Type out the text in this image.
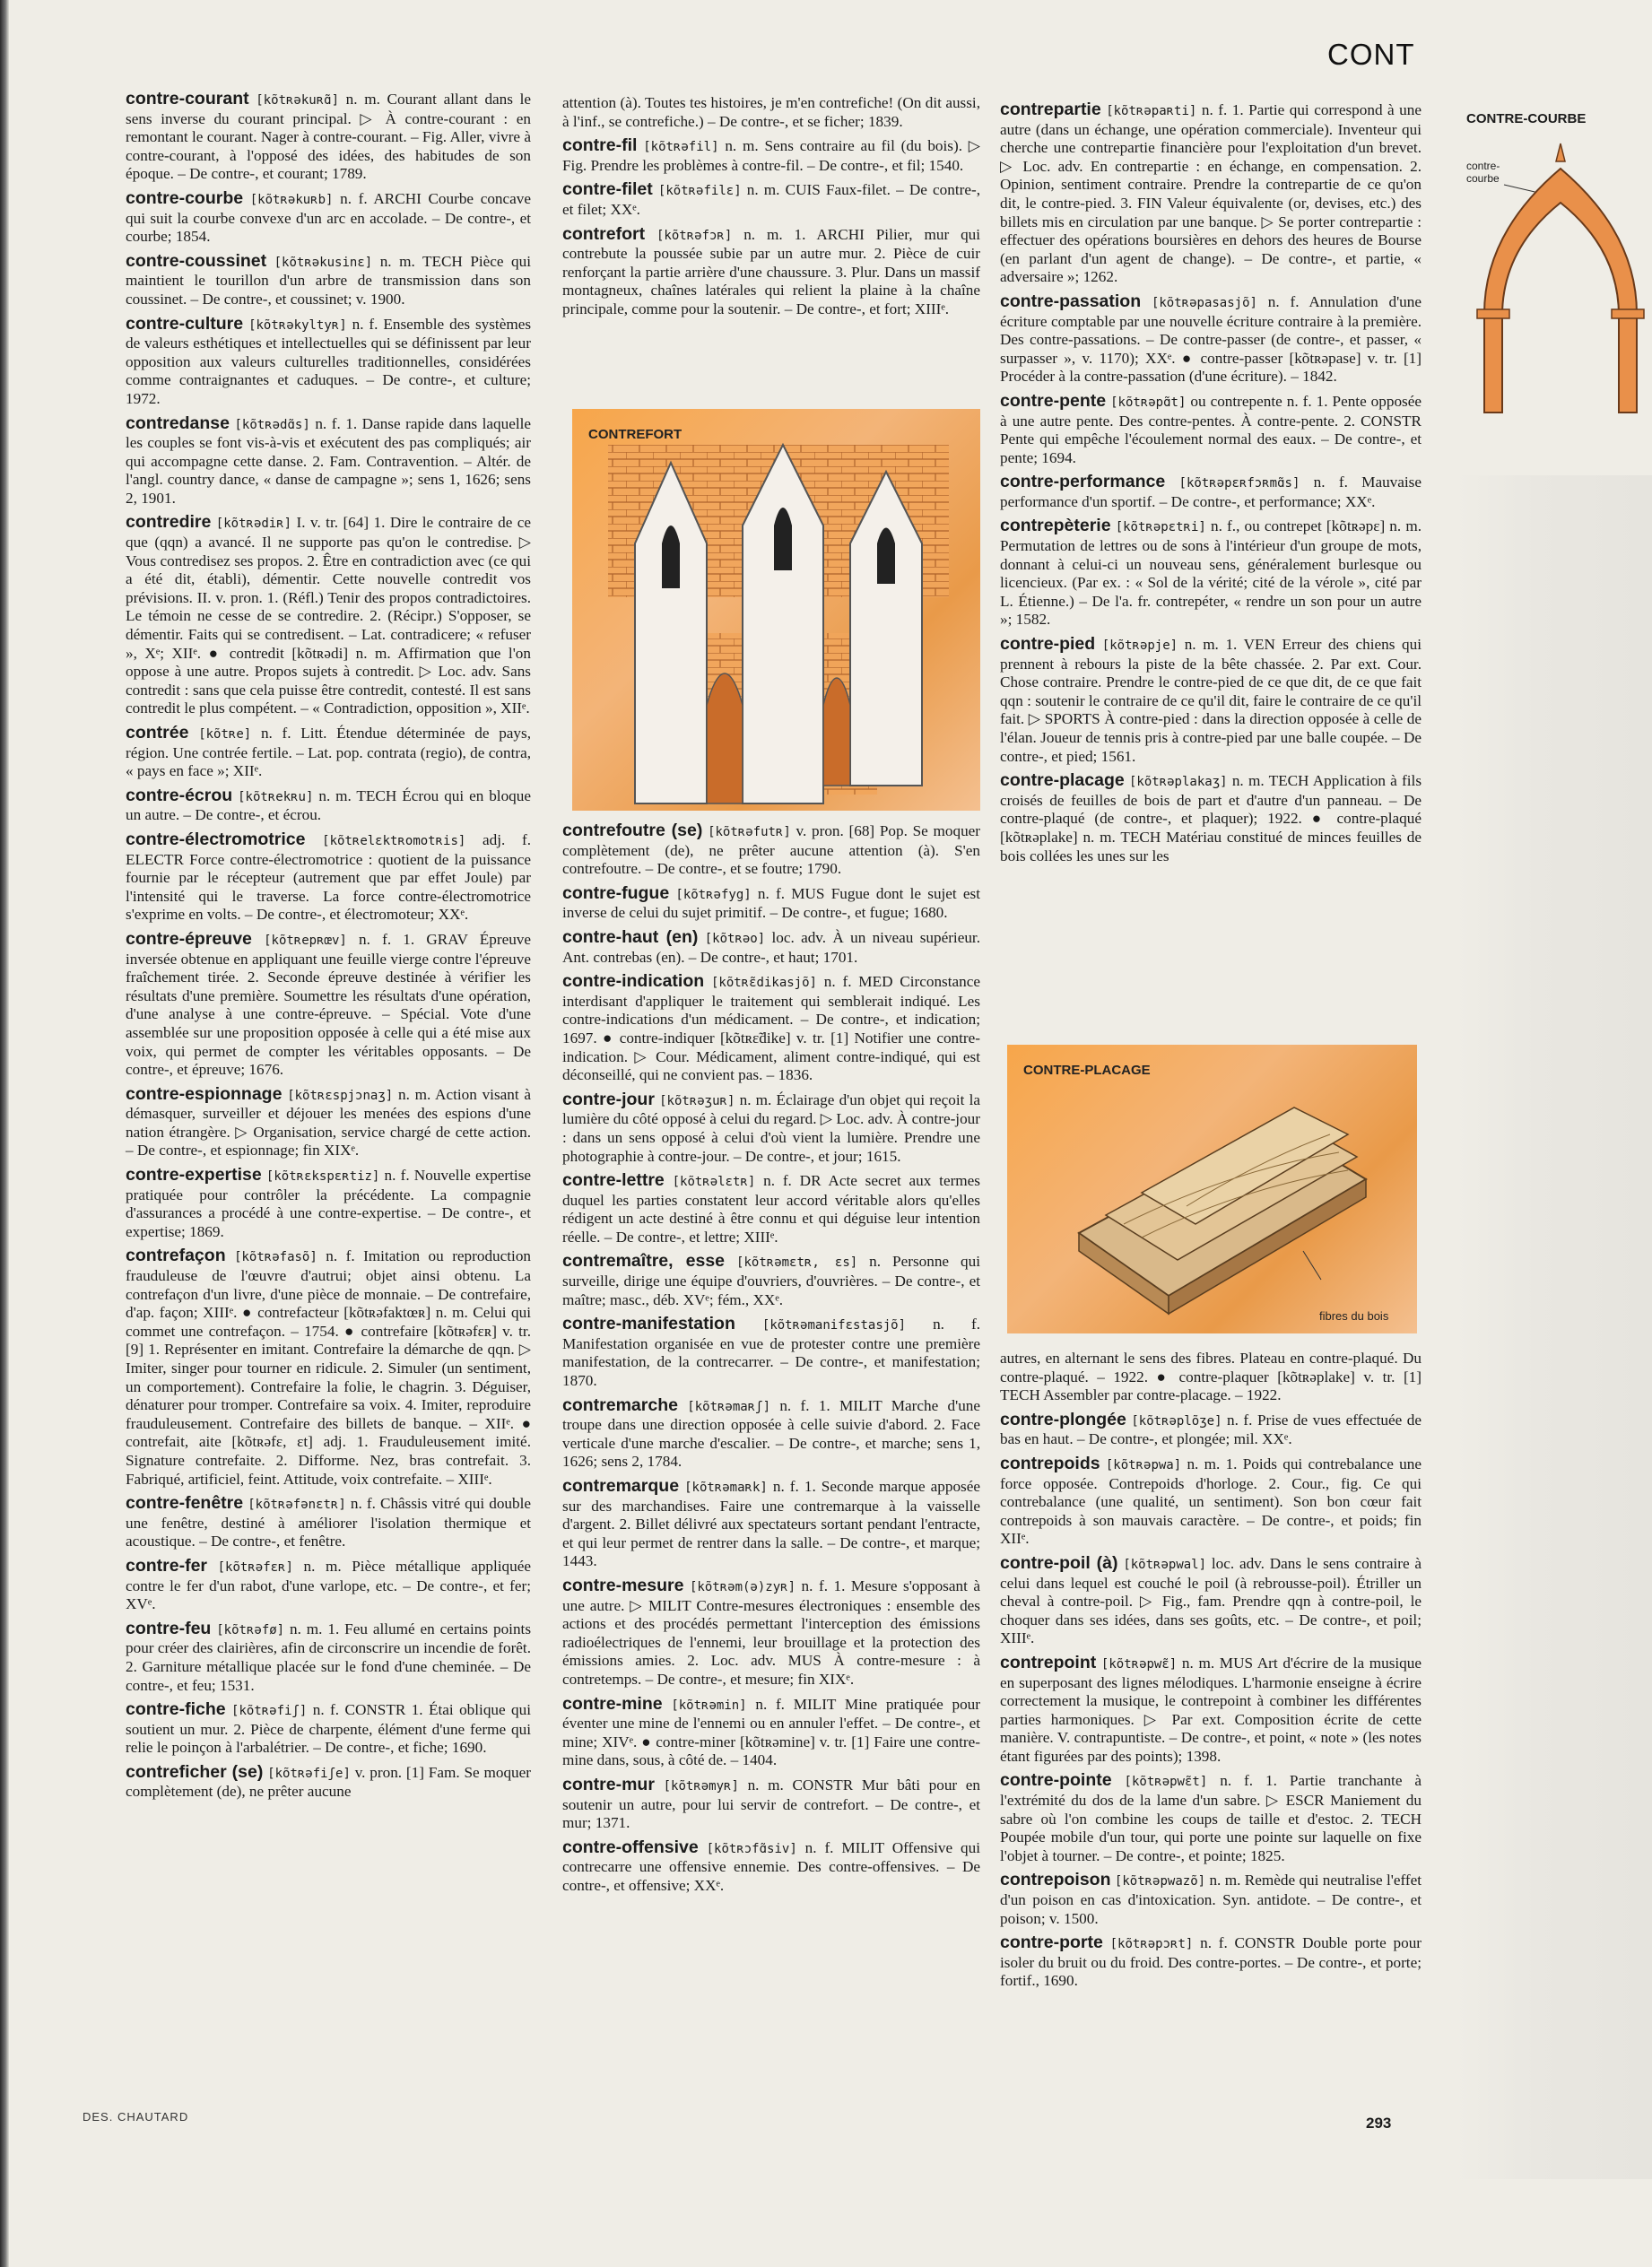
CONT
CONTRE-COURBE
contre-
courbe

contre-courant [kõtʀəkuʀɑ̃] n. m. Courant allant dans le sens inverse du courant principal. ▷ À contre-courant : en remontant le courant. Nager à contre-courant. – Fig. Aller, vivre à contre-courant, à l'opposé des idées, des habitudes de son époque. – De contre-, et courant; 1789.

contre-courbe [kõtʀəkuʀb] n. f. ARCHI Courbe concave qui suit la courbe convexe d'un arc en accolade. – De contre-, et courbe; 1854.

contre-coussinet [kõtʀəkusinɛ] n. m. TECH Pièce qui maintient le tourillon d'un arbre de transmission dans son coussinet. – De contre-, et coussinet; v. 1900.

contre-culture [kõtʀəkyltyʀ] n. f. Ensemble des systèmes de valeurs esthétiques et intellectuelles qui se définissent par leur opposition aux valeurs culturelles traditionnelles, considérées comme contraignantes et caduques. – De contre-, et culture; 1972.

contredanse [kõtʀədɑ̃s] n. f. 1. Danse rapide dans laquelle les couples se font vis-à-vis et exécutent des pas compliqués; air qui accompagne cette danse. 2. Fam. Contravention. – Altér. de l'angl. country dance, « danse de campagne »; sens 1, 1626; sens 2, 1901.

contredire [kõtʀədiʀ] I. v. tr. [64] 1. Dire le contraire de ce que (qqn) a avancé. Il ne supporte pas qu'on le contredise. ▷ Vous contredisez ses propos. 2. Être en contradiction avec (ce qui a été dit, établi), démentir. Cette nouvelle contredit vos prévisions. II. v. pron. 1. (Réfl.) Tenir des propos contradictoires. Le témoin ne cesse de se contredire. 2. (Récipr.) S'opposer, se démentir. Faits qui se contredisent. – Lat. contradicere; « refuser », Xᵉ; XIIᵉ. ● contredit [kõtʀədi] n. m. Affirmation que l'on oppose à une autre. Propos sujets à contredit. ▷ Loc. adv. Sans contredit : sans que cela puisse être contredit, contesté. Il est sans contredit le plus compétent. – « Contradiction, opposition », XIIᵉ.

contrée [kõtʀe] n. f. Litt. Étendue déterminée de pays, région. Une contrée fertile. – Lat. pop. contrata (regio), de contra, « pays en face »; XIIᵉ.

contre-écrou [kõtʀekʀu] n. m. TECH Écrou qui en bloque un autre. – De contre-, et écrou.

contre-électromotrice [kõtʀelɛktʀomotʀis] adj. f. ELECTR Force contre-électromotrice : quotient de la puissance fournie par le récepteur (autrement que par effet Joule) par l'intensité qui le traverse. La force contre-électromotrice s'exprime en volts. – De contre-, et électromoteur; XXᵉ.

contre-épreuve [kõtʀepʀœv] n. f. 1. GRAV Épreuve inversée obtenue en appliquant une feuille vierge contre l'épreuve fraîchement tirée. 2. Seconde épreuve destinée à vérifier les résultats d'une première. Soumettre les résultats d'une opération, d'une analyse à une contre-épreuve. – Spécial. Vote d'une assemblée sur une proposition opposée à celle qui a été mise aux voix, qui permet de compter les véritables opposants. – De contre-, et épreuve; 1676.

contre-espionnage [kõtʀɛspjɔnaʒ] n. m. Action visant à démasquer, surveiller et déjouer les menées des espions d'une nation étrangère. ▷ Organisation, service chargé de cette action. – De contre-, et espionnage; fin XIXᵉ.

contre-expertise [kõtʀɛkspɛʀtiz] n. f. Nouvelle expertise pratiquée pour contrôler la précédente. La compagnie d'assurances a procédé à une contre-expertise. – De contre-, et expertise; 1869.

contrefaçon [kõtʀəfasõ] n. f. Imitation ou reproduction frauduleuse de l'œuvre d'autrui; objet ainsi obtenu. La contrefaçon d'un livre, d'une pièce de monnaie. – De contrefaire, d'ap. façon; XIIIᵉ. ● contrefacteur [kõtʀəfaktœʀ] n. m. Celui qui commet une contrefaçon. – 1754. ● contrefaire [kõtʀəfɛʀ] v. tr. [9] 1. Représenter en imitant. Contrefaire la démarche de qqn. ▷ Imiter, singer pour tourner en ridicule. 2. Simuler (un sentiment, un comportement). Contrefaire la folie, le chagrin. 3. Déguiser, dénaturer pour tromper. Contrefaire sa voix. 4. Imiter, reproduire frauduleusement. Contrefaire des billets de banque. – XIIᵉ. ● contrefait, aite [kõtʀəfɛ, ɛt] adj. 1. Frauduleusement imité. Signature contrefaite. 2. Difforme. Nez, bras contrefait. 3. Fabriqué, artificiel, feint. Attitude, voix contrefaite. – XIIIᵉ.

contre-fenêtre [kõtʀəfənɛtʀ] n. f. Châssis vitré qui double une fenêtre, destiné à améliorer l'isolation thermique et acoustique. – De contre-, et fenêtre.

contre-fer [kõtʀəfɛʀ] n. m. Pièce métallique appliquée contre le fer d'un rabot, d'une varlope, etc. – De contre-, et fer; XVᵉ.

contre-feu [kõtʀəfø] n. m. 1. Feu allumé en certains points pour créer des clairières, afin de circonscrire un incendie de forêt. 2. Garniture métallique placée sur le fond d'une cheminée. – De contre-, et feu; 1531.

contre-fiche [kõtʀəfiʃ] n. f. CONSTR 1. Étai oblique qui soutient un mur. 2. Pièce de charpente, élément d'une ferme qui relie le poinçon à l'arbalétrier. – De contre-, et fiche; 1690.

contreficher (se) [kõtʀəfiʃe] v. pron. [1] Fam. Se moquer complètement (de), ne prêter aucune

attention (à). Toutes tes histoires, je m'en contrefiche! (On dit aussi, à l'inf., se contrefiche.) – De contre-, et se ficher; 1839.

contre-fil [kõtʀəfil] n. m. Sens contraire au fil (du bois). ▷ Fig. Prendre les problèmes à contre-fil. – De contre-, et fil; 1540.

contre-filet [kõtʀəfilɛ] n. m. CUIS Faux-filet. – De contre-, et filet; XXᵉ.

contrefort [kõtʀəfɔʀ] n. m. 1. ARCHI Pilier, mur qui contrebute la poussée subie par un autre mur. 2. Pièce de cuir renforçant la partie arrière d'une chaussure. 3. Plur. Dans un massif montagneux, chaînes latérales qui relient la plaine à la chaîne principale, comme pour la soutenir. – De contre-, et fort; XIIIᵉ.

CONTREFORT

contrefoutre (se) [kõtʀəfutʀ] v. pron. [68] Pop. Se moquer complètement (de), ne prêter aucune attention (à). S'en contrefoutre. – De contre-, et se foutre; 1790.

contre-fugue [kõtʀəfyg] n. f. MUS Fugue dont le sujet est inverse de celui du sujet primitif. – De contre-, et fugue; 1680.

contre-haut (en) [kõtʀəo] loc. adv. À un niveau supérieur. Ant. contrebas (en). – De contre-, et haut; 1701.

contre-indication [kõtʀɛ̃dikasjõ] n. f. MED Circonstance interdisant d'appliquer le traitement qui semblerait indiqué. Les contre-indications d'un médicament. – De contre-, et indication; 1697. ● contre-indiquer [kõtʀɛ̃dike] v. tr. [1] Notifier une contre-indication. ▷ Cour. Médicament, aliment contre-indiqué, qui est déconseillé, qui ne convient pas. – 1836.

contre-jour [kõtʀəʒuʀ] n. m. Éclairage d'un objet qui reçoit la lumière du côté opposé à celui du regard. ▷ Loc. adv. À contre-jour : dans un sens opposé à celui d'où vient la lumière. Prendre une photographie à contre-jour. – De contre-, et jour; 1615.

contre-lettre [kõtʀəlɛtʀ] n. f. DR Acte secret aux termes duquel les parties constatent leur accord véritable alors qu'elles rédigent un acte destiné à être connu et qui déguise leur intention réelle. – De contre-, et lettre; XIIIᵉ.

contremaître, esse [kõtʀəmɛtʀ, ɛs] n. Personne qui surveille, dirige une équipe d'ouvriers, d'ouvrières. – De contre-, et maître; masc., déb. XVᵉ; fém., XXᵉ.

contre-manifestation [kõtʀəmanifɛstasjõ] n. f. Manifestation organisée en vue de protester contre une première manifestation, de la contrecarrer. – De contre-, et manifestation; 1870.

contremarche [kõtʀəmaʀʃ] n. f. 1. MILIT Marche d'une troupe dans une direction opposée à celle suivie d'abord. 2. Face verticale d'une marche d'escalier. – De contre-, et marche; sens 1, 1626; sens 2, 1784.

contremarque [kõtʀəmaʀk] n. f. 1. Seconde marque apposée sur des marchandises. Faire une contremarque à la vaisselle d'argent. 2. Billet délivré aux spectateurs sortant pendant l'entracte, et qui leur permet de rentrer dans la salle. – De contre-, et marque; 1443.

contre-mesure [kõtʀəm(ə)zyʀ] n. f. 1. Mesure s'opposant à une autre. ▷ MILIT Contre-mesures électroniques : ensemble des actions et des procédés permettant l'interception des émissions radioélectriques de l'ennemi, leur brouillage et la protection des émissions amies. 2. Loc. adv. MUS À contre-mesure : à contretemps. – De contre-, et mesure; fin XIXᵉ.

contre-mine [kõtʀəmin] n. f. MILIT Mine pratiquée pour éventer une mine de l'ennemi ou en annuler l'effet. – De contre-, et mine; XIVᵉ. ● contre-miner [kõtʀəmine] v. tr. [1] Faire une contre-mine dans, sous, à côté de. – 1404.

contre-mur [kõtʀəmyʀ] n. m. CONSTR Mur bâti pour en soutenir un autre, pour lui servir de contrefort. – De contre-, et mur; 1371.

contre-offensive [kõtʀɔfɑ̃siv] n. f. MILIT Offensive qui contrecarre une offensive ennemie. Des contre-offensives. – De contre-, et offensive; XXᵉ.

contrepartie [kõtʀəpaʀti] n. f. 1. Partie qui correspond à une autre (dans un échange, une opération commerciale). Inventeur qui cherche une contrepartie financière pour l'exploitation d'un brevet. ▷ Loc. adv. En contrepartie : en échange, en compensation. 2. Opinion, sentiment contraire. Prendre la contrepartie de ce qu'on dit, le contre-pied. 3. FIN Valeur équivalente (or, devises, etc.) des billets mis en circulation par une banque. ▷ Se porter contrepartie : effectuer des opérations boursières en dehors des heures de Bourse (en parlant d'un agent de change). – De contre-, et partie, « adversaire »; 1262.

contre-passation [kõtʀəpasasjõ] n. f. Annulation d'une écriture comptable par une nouvelle écriture contraire à la première. Des contre-passations. – De contre-passer (de contre-, et passer, « surpasser », v. 1170); XXᵉ. ● contre-passer [kõtʀəpase] v. tr. [1] Procéder à la contre-passation (d'une écriture). – 1842.

contre-pente [kõtʀəpɑ̃t] ou contrepente n. f. 1. Pente opposée à une autre pente. Des contre-pentes. À contre-pente. 2. CONSTR Pente qui empêche l'écoulement normal des eaux. – De contre-, et pente; 1694.

contre-performance [kõtʀəpɛʀfɔʀmɑ̃s] n. f. Mauvaise performance d'un sportif. – De contre-, et performance; XXᵉ.

contrepèterie [kõtʀəpɛtʀi] n. f., ou contrepet [kõtʀəpɛ] n. m. Permutation de lettres ou de sons à l'intérieur d'un groupe de mots, donnant à celui-ci un nouveau sens, généralement burlesque ou licencieux. (Par ex. : « Sol de la vérité; cité de la vérole », cité par L. Étienne.) – De l'a. fr. contrepéter, « rendre un son pour un autre »; 1582.

contre-pied [kõtʀəpje] n. m. 1. VEN Erreur des chiens qui prennent à rebours la piste de la bête chassée. 2. Par ext. Cour. Chose contraire. Prendre le contre-pied de ce que dit, de ce que fait qqn : soutenir le contraire de ce qu'il dit, faire le contraire de ce qu'il fait. ▷ SPORTS À contre-pied : dans la direction opposée à celle de l'élan. Joueur de tennis pris à contre-pied par une balle coupée. – De contre-, et pied; 1561.

contre-placage [kõtʀəplakaʒ] n. m. TECH Application à fils croisés de feuilles de bois de part et d'autre d'un panneau. – De contre-plaqué (de contre-, et plaquer); 1922. ● contre-plaqué [kõtʀəplake] n. m. TECH Matériau constitué de minces feuilles de bois collées les unes sur les

CONTRE-PLACAGE
fibres du bois
autres, en alternant le sens des fibres. Plateau en contre-plaqué. Du contre-plaqué. – 1922. ● contre-plaquer [kõtʀəplake] v. tr. [1] TECH Assembler par contre-placage. – 1922.

contre-plongée [kõtʀəplõʒe] n. f. Prise de vues effectuée de bas en haut. – De contre-, et plongée; mil. XXᵉ.

contrepoids [kõtʀəpwa] n. m. 1. Poids qui contrebalance une force opposée. Contrepoids d'horloge. 2. Cour., fig. Ce qui contrebalance (une qualité, un sentiment). Son bon cœur fait contrepoids à son mauvais caractère. – De contre-, et poids; fin XIIᵉ.

contre-poil (à) [kõtʀəpwal] loc. adv. Dans le sens contraire à celui dans lequel est couché le poil (à rebrousse-poil). Étriller un cheval à contre-poil. ▷ Fig., fam. Prendre qqn à contre-poil, le choquer dans ses idées, dans ses goûts, etc. – De contre-, et poil; XIIIᵉ.

contrepoint [kõtʀəpwɛ̃] n. m. MUS Art d'écrire de la musique en superposant des lignes mélodiques. L'harmonie enseigne à écrire correctement la musique, le contrepoint à combiner les différentes parties harmoniques. ▷ Par ext. Composition écrite de cette manière. V. contrapuntiste. – De contre-, et point, « note » (les notes étant figurées par des points); 1398.

contre-pointe [kõtʀəpwɛ̃t] n. f. 1. Partie tranchante à l'extrémité du dos de la lame d'un sabre. ▷ ESCR Maniement du sabre où l'on combine les coups de taille et d'estoc. 2. TECH Poupée mobile d'un tour, qui porte une pointe sur laquelle on fixe l'objet à tourner. – De contre-, et pointe; 1825.

contrepoison [kõtʀəpwazõ] n. m. Remède qui neutralise l'effet d'un poison en cas d'intoxication. Syn. antidote. – De contre-, et poison; v. 1500.

contre-porte [kõtʀəpɔʀt] n. f. CONSTR Double porte pour isoler du bruit ou du froid. Des contre-portes. – De contre-, et porte; fortif., 1690.

DES. CHAUTARD	293
